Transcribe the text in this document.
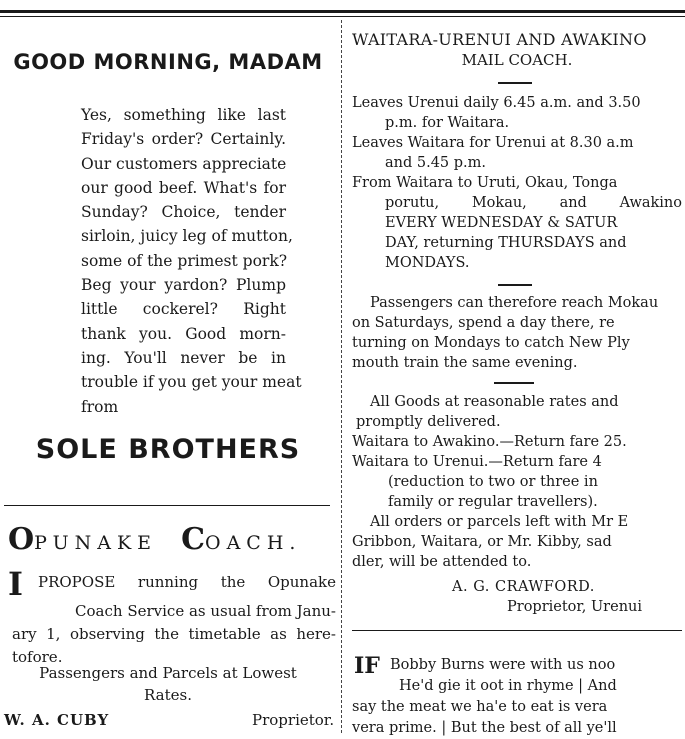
GOOD MORNING, MADAM
Yes, something like last
Friday's order? Certainly.
Our customers appreciate
our good beef. What's for
Sunday? Choice, tender
sirloin, juicy leg of mutton,
some of the primest pork?
Beg your yardon? Plump
little cockerel? Right
thank you. Good morn-
ing. You'll never be in
trouble if you get your meat
from
SOLE BROTHERS
OPUNAKE COACH.
I PROPOSE running the Opunake
Coach Service as usual from Janu-
ary 1, observing the timetable as here-
tofore.
Passengers and Parcels at Lowest
Rates.
W. A. CUBY	Proprietor.
WAITARA-URENUI AND AWAKINO
MAIL COACH.
Leaves Urenui daily 6.45 a.m. and 3.50
p.m. for Waitara.
Leaves Waitara for Urenui at 8.30 a.m
and 5.45 p.m.
From Waitara to Uruti, Okau, Tonga
porutu, Mokau, and Awakino
EVERY WEDNESDAY & SATUR
DAY, returning THURSDAYS and
MONDAYS.
Passengers can therefore reach Mokau
on Saturdays, spend a day there, re
turning on Mondays to catch New Ply
mouth train the same evening.
All Goods at reasonable rates and
promptly delivered.
Waitara to Awakino.—Return fare 25.
Waitara to Urenui.—Return fare 4
(reduction to two or three in
family or regular travellers).
All orders or parcels left with Mr E
Gribbon, Waitara, or Mr. Kibby, sad
dler, will be attended to.
A. G. CRAWFORD.
Proprietor, Urenui
IF Bobby Burns were with us noo
He'd gie it oot in rhyme | And
say the meat we ha'e to eat is vera
vera prime. | But the best of all ye'll
